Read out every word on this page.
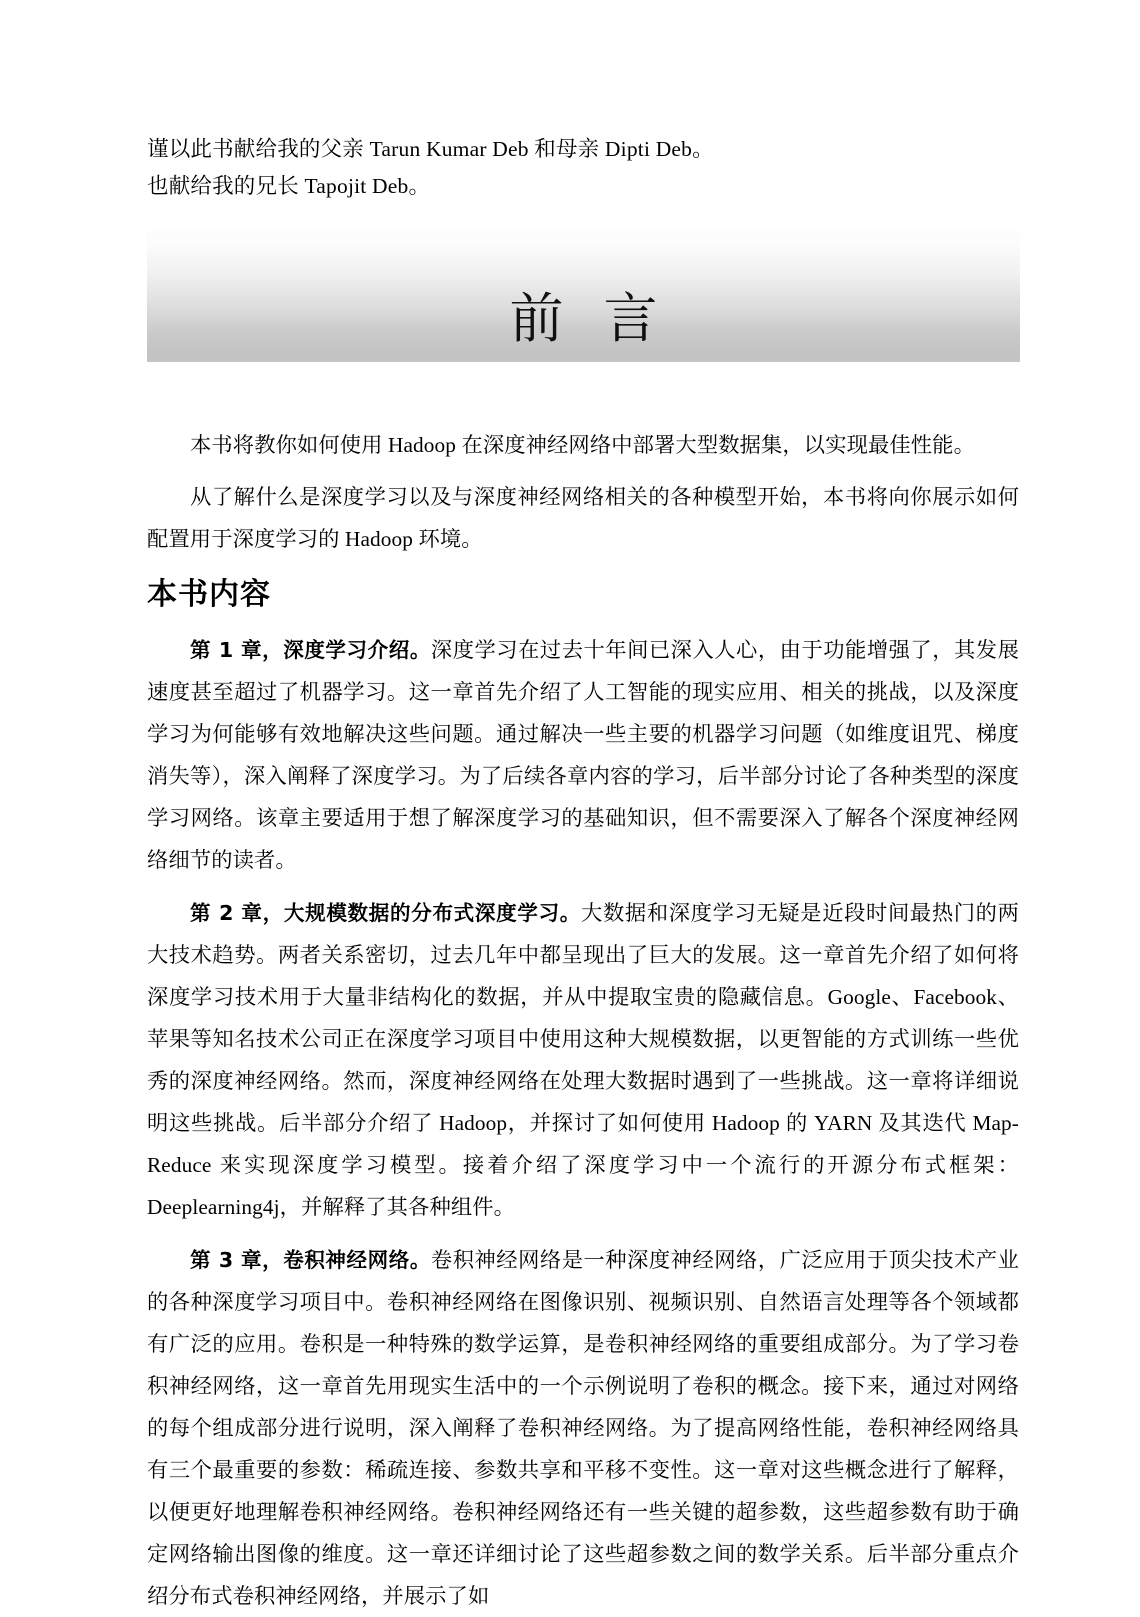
谨以此书献给我的父亲 Tarun Kumar Deb 和母亲 Dipti Deb。
也献给我的兄长 Tapojit Deb。
前言

本书将教你如何使用 Hadoop 在深度神经网络中部署大型数据集，以实现最佳性能。

从了解什么是深度学习以及与深度神经网络相关的各种模型开始，本书将向你展示如何配置用于深度学习的 Hadoop 环境。

本书内容

第 1 章，深度学习介绍。深度学习在过去十年间已深入人心，由于功能增强了，其发展速度甚至超过了机器学习。这一章首先介绍了人工智能的现实应用、相关的挑战，以及深度学习为何能够有效地解决这些问题。通过解决一些主要的机器学习问题（如维度诅咒、梯度消失等），深入阐释了深度学习。为了后续各章内容的学习，后半部分讨论了各种类型的深度学习网络。该章主要适用于想了解深度学习的基础知识，但不需要深入了解各个深度神经网络细节的读者。

第 2 章，大规模数据的分布式深度学习。大数据和深度学习无疑是近段时间最热门的两大技术趋势。两者关系密切，过去几年中都呈现出了巨大的发展。这一章首先介绍了如何将深度学习技术用于大量非结构化的数据，并从中提取宝贵的隐藏信息。Google、Facebook、苹果等知名技术公司正在深度学习项目中使用这种大规模数据，以更智能的方式训练一些优秀的深度神经网络。然而，深度神经网络在处理大数据时遇到了一些挑战。这一章将详细说明这些挑战。后半部分介绍了 Hadoop，并探讨了如何使用 Hadoop 的 YARN 及其迭代 Map-Reduce 来实现深度学习模型。接着介绍了深度学习中一个流行的开源分布式框架：Deeplearning4j，并解释了其各种组件。

第 3 章，卷积神经网络。卷积神经网络是一种深度神经网络，广泛应用于顶尖技术产业的各种深度学习项目中。卷积神经网络在图像识别、视频识别、自然语言处理等各个领域都有广泛的应用。卷积是一种特殊的数学运算，是卷积神经网络的重要组成部分。为了学习卷积神经网络，这一章首先用现实生活中的一个示例说明了卷积的概念。接下来，通过对网络的每个组成部分进行说明，深入阐释了卷积神经网络。为了提高网络性能，卷积神经网络具有三个最重要的参数：稀疏连接、参数共享和平移不变性。这一章对这些概念进行了解释，以便更好地理解卷积神经网络。卷积神经网络还有一些关键的超参数，这些超参数有助于确定网络输出图像的维度。这一章还详细讨论了这些超参数之间的数学关系。后半部分重点介绍分布式卷积神经网络，并展示了如
